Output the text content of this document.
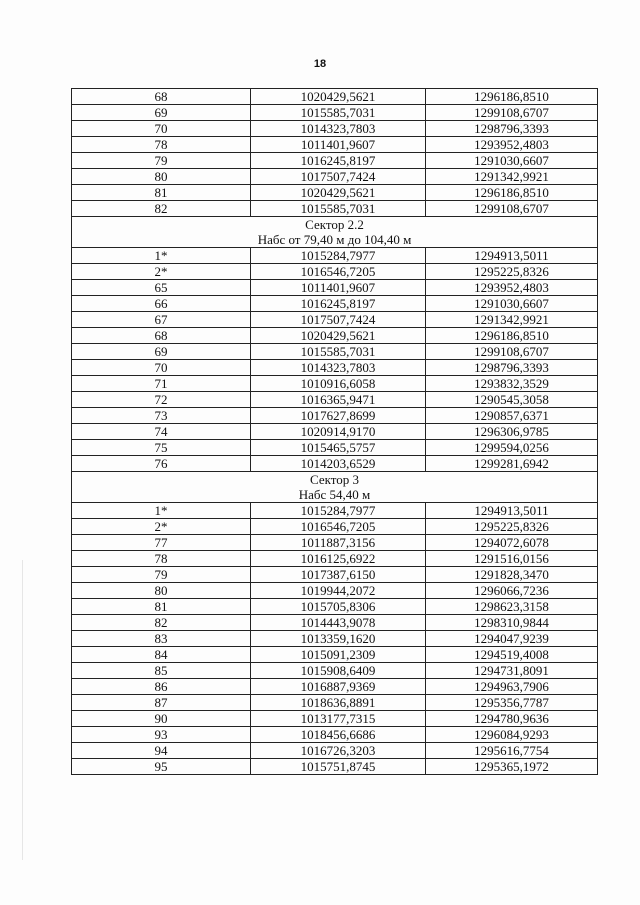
18
68	1020429,5621	1296186,8510
69	1015585,7031	1299108,6707
70	1014323,7803	1298796,3393
78	1011401,9607	1293952,4803
79	1016245,8197	1291030,6607
80	1017507,7424	1291342,9921
81	1020429,5621	1296186,8510
82	1015585,7031	1299108,6707

Сектор 2.2
Набс от 79,40 м до 104,40 м		

1*	1015284,7977	1294913,5011
2*	1016546,7205	1295225,8326
65	1011401,9607	1293952,4803
66	1016245,8197	1291030,6607
67	1017507,7424	1291342,9921
68	1020429,5621	1296186,8510
69	1015585,7031	1299108,6707
70	1014323,7803	1298796,3393
71	1010916,6058	1293832,3529
72	1016365,9471	1290545,3058
73	1017627,8699	1290857,6371
74	1020914,9170	1296306,9785
75	1015465,5757	1299594,0256
76	1014203,6529	1299281,6942

Сектор 3
Набс 54,40 м		

1*	1015284,7977	1294913,5011
2*	1016546,7205	1295225,8326
77	1011887,3156	1294072,6078
78	1016125,6922	1291516,0156
79	1017387,6150	1291828,3470
80	1019944,2072	1296066,7236
81	1015705,8306	1298623,3158
82	1014443,9078	1298310,9844
83	1013359,1620	1294047,9239
84	1015091,2309	1294519,4008
85	1015908,6409	1294731,8091
86	1016887,9369	1294963,7906
87	1018636,8891	1295356,7787
90	1013177,7315	1294780,9636
93	1018456,6686	1296084,9293
94	1016726,3203	1295616,7754
95	1015751,8745	1295365,1972
